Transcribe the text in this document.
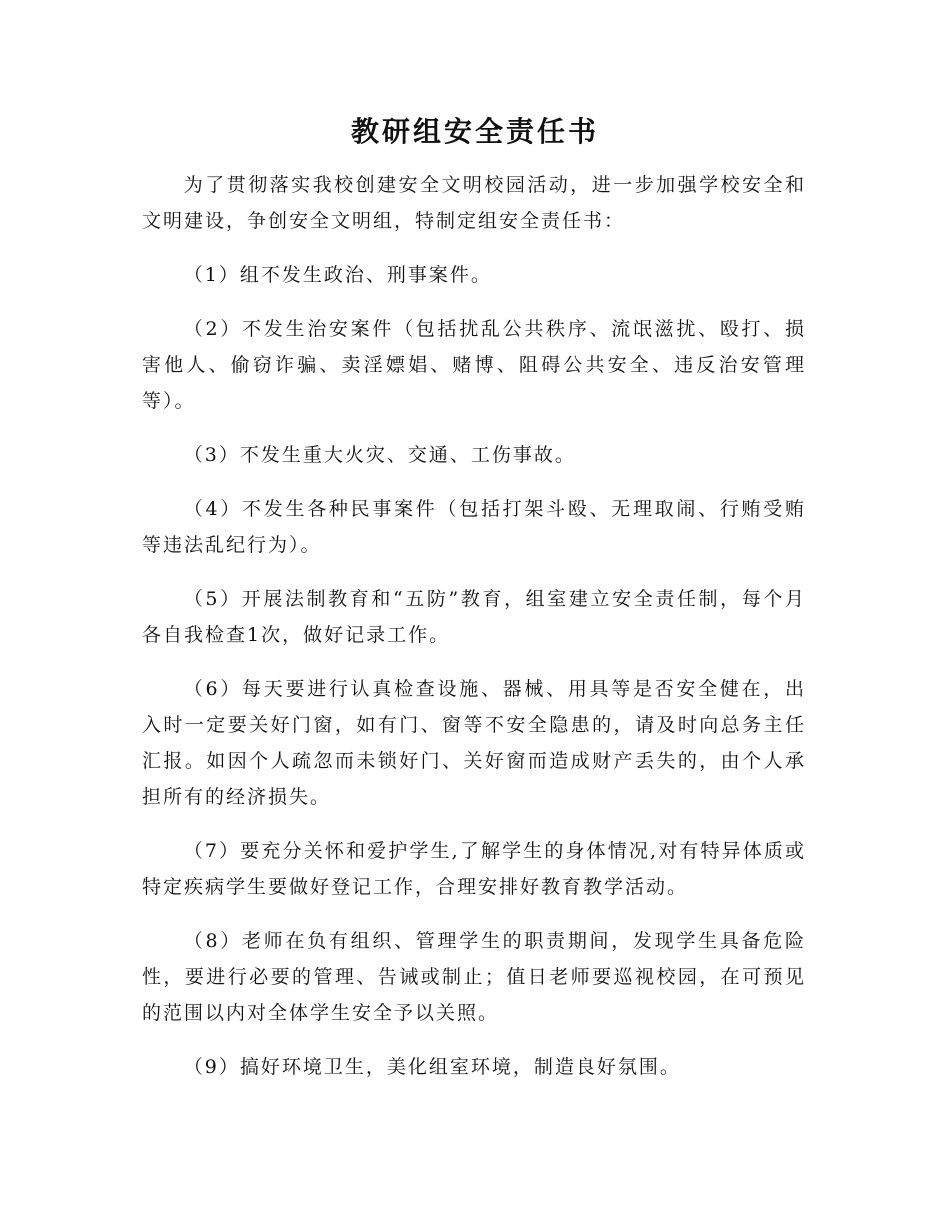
教研组安全责任书

为了贯彻落实我校创建安全文明校园活动，进一步加强学校安全和文明建设，争创安全文明组，特制定组安全责任书：

（1）组不发生政治、刑事案件。

（2）不发生治安案件（包括扰乱公共秩序、流氓滋扰、殴打、损害他人、偷窃诈骗、卖淫嫖娼、赌博、阻碍公共安全、违反治安管理等）。

（3）不发生重大火灾、交通、工伤事故。

（4）不发生各种民事案件（包括打架斗殴、无理取闹、行贿受贿等违法乱纪行为）。

（5）开展法制教育和“五防”教育，组室建立安全责任制，每个月各自我检查1次，做好记录工作。

（6）每天要进行认真检查设施、器械、用具等是否安全健在，出入时一定要关好门窗，如有门、窗等不安全隐患的，请及时向总务主任汇报。如因个人疏忽而未锁好门、关好窗而造成财产丢失的，由个人承担所有的经济损失。

（7）要充分关怀和爱护学生,了解学生的身体情况,对有特异体质或特定疾病学生要做好登记工作，合理安排好教育教学活动。

（8）老师在负有组织、管理学生的职责期间，发现学生具备危险性，要进行必要的管理、告诫或制止；值日老师要巡视校园，在可预见的范围以内对全体学生安全予以关照。

（9）搞好环境卫生，美化组室环境，制造良好氛围。
